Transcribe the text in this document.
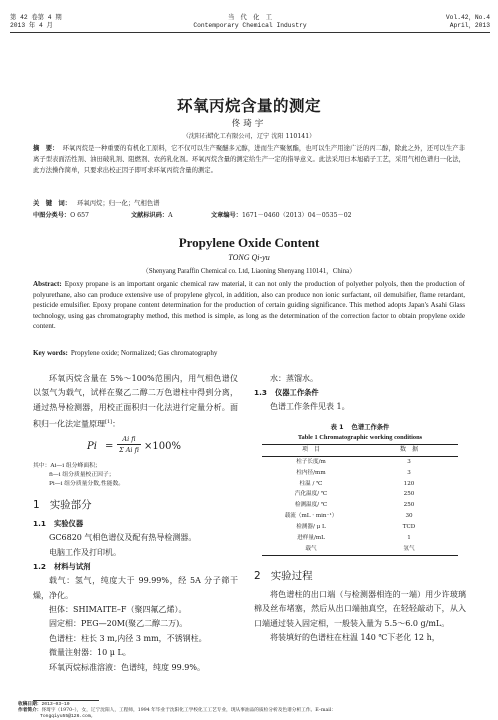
第 42 卷第 4 期
2013 年 4 月
当　代　化　工
Contemporary Chemical Industry
Vol.42，No.4
April，2013
环氧丙烷含量的测定
佟琦宇
（沈阳石蜡化工有限公司，辽宁 沈阳 110141）
摘　要： 环氧丙烷是一种重要的有机化工原料，它不仅可以生产聚醚多元醇，进而生产聚氨酯，也可以生产用途广泛的丙二醇，除此之外，还可以生产非离子型表面活性剂、油田破乳剂、阻燃剂、农药乳化剂。环氧丙烷含量的测定给生产一定的指导意义。此法采用日本旭硝子工艺，采用气相色谱归一化法，此方法操作简单，只要求出校正因子即可求环氧丙烷含量的测定。
关　键　词： 环氧丙烷；归一化；气相色谱
中图分类号：O 657	文献标识码：A	文章编号：1671－0460（2013）04－0535－02
Propylene Oxide Content
TONG Qi-yu
（Shenyang Paraffin Chemical co. Ltd, Liaoning Shenyang 110141，China）
Abstract: Epoxy propane is an important organic chemical raw material, it can not only the production of polyether polyols, then the production of polyurethane, also can produce extensive use of propylene glycol, in addition, also can produce non ionic surfactant, oil demulsifier, flame retardant, pesticide emulsifier. Epoxy propane content determination for the production of certain guiding significance. This method adopts Japan's Asahi Glass technology, using gas chromatography method, this method is simple, as long as the determination of the correction factor to obtain propylene oxide content.
Key words: Propylene oxide; Normalized; Gas chromatography

环氧丙烷含量在 5%～100%范围内，用气相色谱仪以氢气为载气，试样在聚乙二醇二万色谱柱中得到分离，通过热导检测器，用校正面积归一化法进行定量分析。面积归一化法定量原理[1]：

$Pi = \frac{\text{Ai fi}}{\text{Σ Ai fi}} \times 100\%$
其中：Ai—i 组分峰面积；
fi—i 组分质量校正因子；
Pi—i 组分质量分数,性能数。
1 实验部分
1.1 实验仪器

GC6820 气相色谱仪及配有热导检测器。

电脑工作及打印机。

1.2 材料与试剂

载气：氢气，纯度大于 99.99%，经 5A 分子筛干燥，净化。

担体：SHIMAITE–F（聚四氟乙烯）。

固定相：PEG—20M(聚乙二醇二万)。

色谱柱：柱长 3 m,内径 3 mm，不锈钢柱。

微量注射器：10 μ L。

环氧丙烷标准溶液：色谱纯，纯度 99.9%。

水：蒸馏水。

1.3 仪器工作条件

色谱工作条件见表 1。

表 1 色谱工作条件
Table 1 Chromatographic working conditions
项　目	数　据
柱子长度/m	3
柱内径/mm	3
柱温 / ℃	120
汽化温度/ ℃	250
检测温度/ ℃	250
载流（mL · min⁻¹）	30
检测器/ μ L	TCD
进样量/mL	1
载气	氢气
2 实验过程

将色谱柱的出口端（与检测器相连的一端）用少许玻璃棉及丝布堵塞，然后从出口端抽真空，在轻轻敲动下，从入口端通过装入固定相，一般装入量为 5.5～6.0 g/mL。

将装填好的色谱柱在柱温 140 ℃下老化 12 h，

收稿日期：2013–03–10
作者简介：佟琦宇（1970–），女，辽宁沈阳人，工程师，1994 年毕业于沈阳化工学校化工工艺专业，现从事油品的质检分析及色谱分析工作。E–mail：
Tongqiyu55@126.com。
